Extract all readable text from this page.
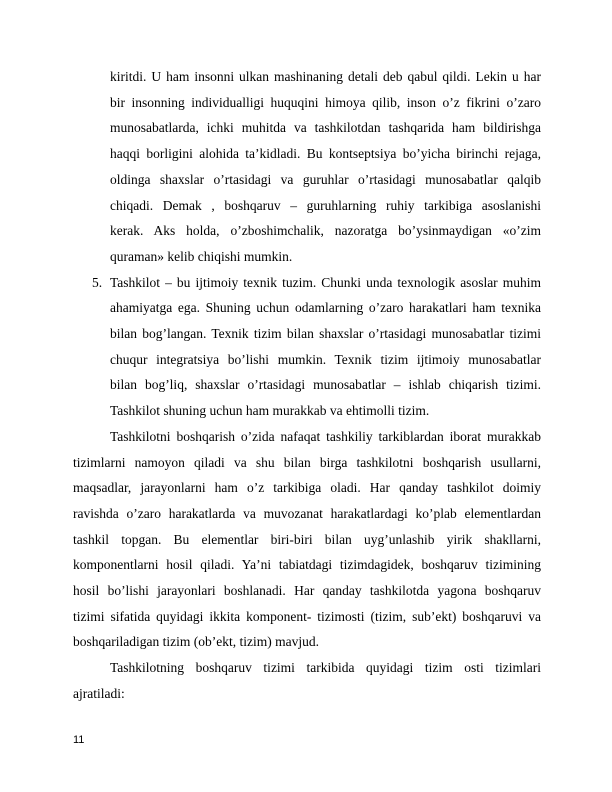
kiritdi. U ham insonni ulkan mashinaning detali deb qabul qildi. Lekin u har
bir insonning individualligi huquqini himoya qilib, inson o’z fikrini o’zaro
munosabatlarda, ichki muhitda va tashkilotdan tashqarida ham bildirishga
haqqi borligini alohida ta’kidladi. Bu kontseptsiya bo’yicha birinchi rejaga,
oldinga shaxslar o’rtasidagi va guruhlar o’rtasidagi munosabatlar qalqib
chiqadi. Demak , boshqaruv – guruhlarning ruhiy tarkibiga asoslanishi
kerak. Aks holda, o’zboshimchalik, nazoratga bo’ysinmaydigan «o’zim
quraman» kelib chiqishi mumkin.
5. Tashkilot – bu ijtimoiy texnik tuzim. Chunki unda texnologik asoslar muhim
ahamiyatga ega. Shuning uchun odamlarning o’zaro harakatlari ham texnika
bilan bog’langan. Texnik tizim bilan shaxslar o’rtasidagi munosabatlar tizimi
chuqur integratsiya bo’lishi mumkin. Texnik tizim ijtimoiy munosabatlar
bilan bog’liq, shaxslar o’rtasidagi munosabatlar – ishlab chiqarish tizimi.
Tashkilot shuning uchun ham murakkab va ehtimolli tizim.
Tashkilotni boshqarish o’zida nafaqat tashkiliy tarkiblardan iborat murakkab
tizimlarni namoyon qiladi va shu bilan birga tashkilotni boshqarish usullarni,
maqsadlar, jarayonlarni ham o’z tarkibiga oladi. Har qanday tashkilot doimiy
ravishda o’zaro harakatlarda va muvozanat harakatlardagi ko’plab elementlardan
tashkil topgan. Bu elementlar biri-biri bilan uyg’unlashib yirik shakllarni,
komponentlarni hosil qiladi. Ya’ni tabiatdagi tizimdagidek, boshqaruv tizimining
hosil bo’lishi jarayonlari boshlanadi. Har qanday tashkilotda yagona boshqaruv
tizimi sifatida quyidagi ikkita komponent- tizimosti (tizim, sub’ekt) boshqaruvi va
boshqariladigan tizim (ob’ekt, tizim) mavjud.
Tashkilotning boshqaruv tizimi tarkibida quyidagi tizim osti tizimlari
ajratiladi:
11
